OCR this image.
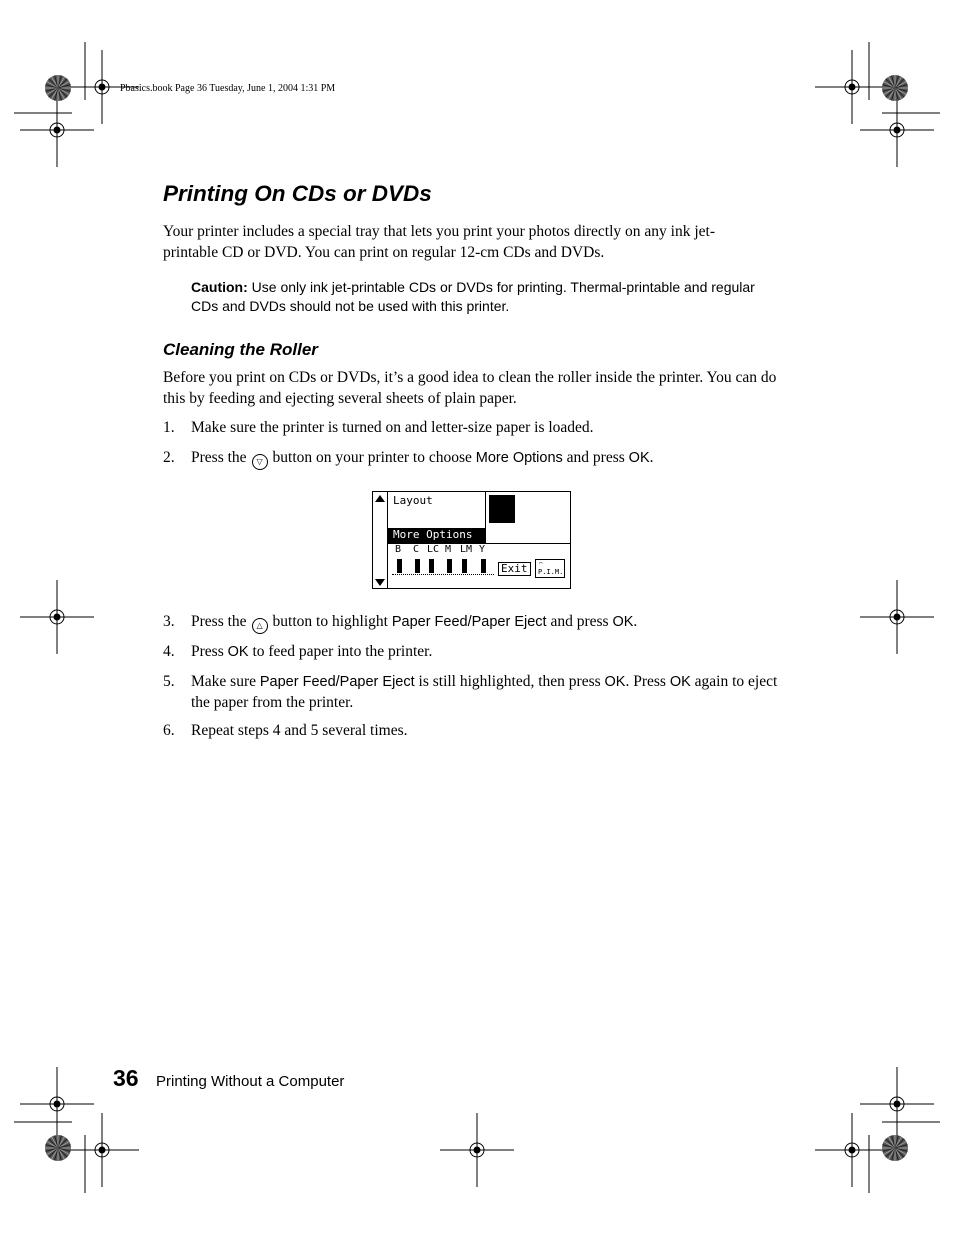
Pbasics.book Page 36 Tuesday, June 1, 2004 1:31 PM
Printing On CDs or DVDs
Your printer includes a special tray that lets you print your photos directly on any ink jet- printable CD or DVD. You can print on regular 12-cm CDs and DVDs.
Caution: Use only ink jet-printable CDs or DVDs for printing. Thermal-printable and regular CDs and DVDs should not be used with this printer.
Cleaning the Roller
Before you print on CDs or DVDs, it’s a good idea to clean the roller inside the printer. You can do this by feeding and ejecting several sheets of plain paper.
1. Make sure the printer is turned on and letter-size paper is loaded.
2. Press the ▽ button on your printer to choose More Options and press OK.
Layout
More Options
B C LC M LM Y
Exit	⌒
P.I.M.
3. Press the △ button to highlight Paper Feed/Paper Eject and press OK.
4. Press OK to feed paper into the printer.
5. Make sure Paper Feed/Paper Eject is still highlighted, then press OK. Press OK again to eject the paper from the printer.
6. Repeat steps 4 and 5 several times.
36 Printing Without a Computer
